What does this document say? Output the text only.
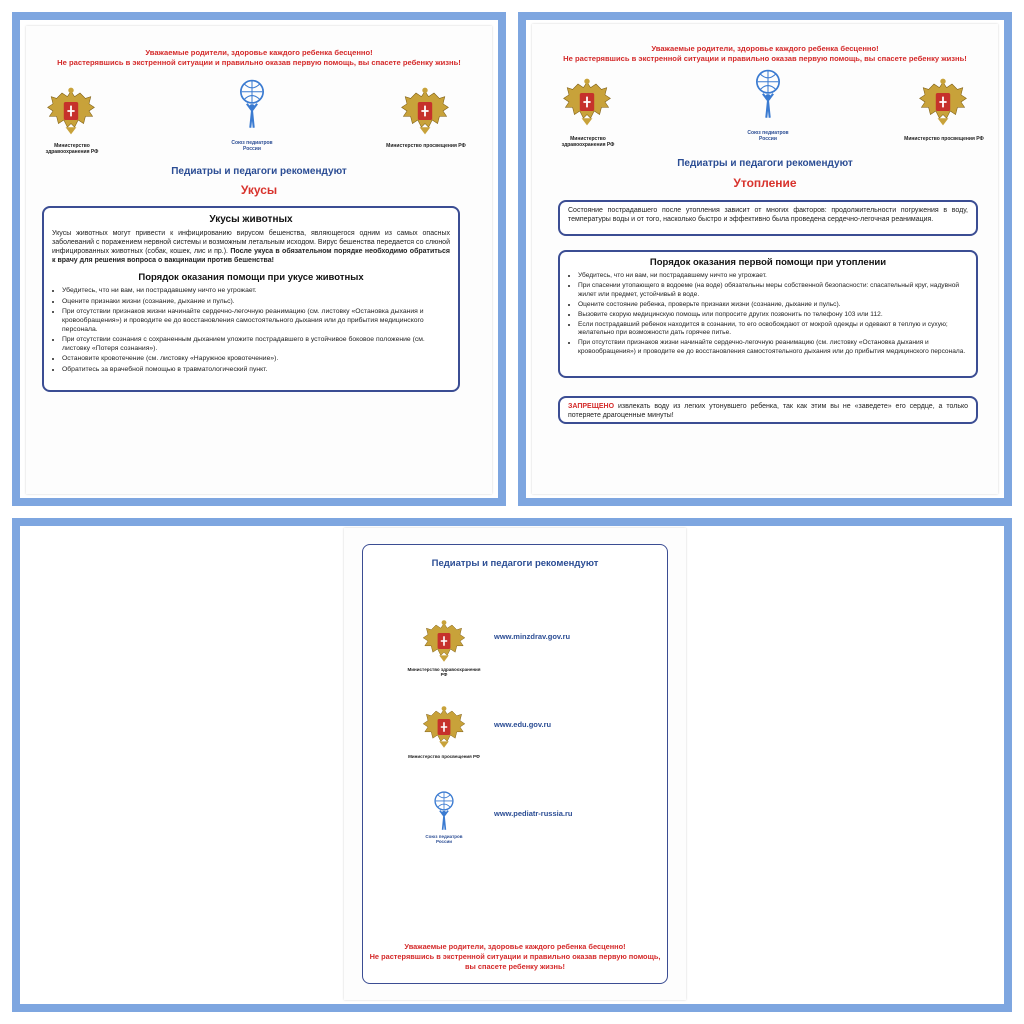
Уважаемые родители, здоровье каждого ребенка бесценно!
Не растерявшись в экстренной ситуации и правильно оказав первую помощь, вы спасете ребенку жизнь!
Министерство здравоохранения РФ
Союз педиатров России	Министерство просвещения РФ
Педиатры и педагоги рекомендуют
Укусы
Укусы животных
Укусы животных могут привести к инфицированию вирусом бешенства, являющегося одним из самых опасных заболеваний с поражением нервной системы и возможным летальным исходом. Вирус бешенства передается со слюной инфицированных животных (собак, кошек, лис и пр.). После укуса в обязательном порядке необходимо обратиться к врачу для решения вопроса о вакцинации против бешенства!
Порядок оказания помощи при укусе животных
• Убедитесь, что ни вам, ни пострадавшему ничто не угрожает.
• Оцените признаки жизни (сознание, дыхание и пульс).
• При отсутствии признаков жизни начинайте сердечно-легочную реанимацию (см. листовку «Остановка дыхания и кровообращения») и проводите ее до восстановления самостоятельного дыхания или до прибытия медицинского персонала.
• При отсутствии сознания с сохраненным дыханием уложите пострадавшего в устойчивое боковое положение (см. листовку «Потеря сознания»).
• Остановите кровотечение (см. листовку «Наружное кровотечение»).
• Обратитесь за врачебной помощью в травматологический пункт.
Уважаемые родители, здоровье каждого ребенка бесценно!
Не растерявшись в экстренной ситуации и правильно оказав первую помощь, вы спасете ребенку жизнь!
Министерство здравоохранения РФ
Союз педиатров России	Министерство просвещения РФ
Педиатры и педагоги рекомендуют
Утопление
Состояние пострадавшего после утопления зависит от многих факторов: продолжительности погружения в воду, температуры воды и от того, насколько быстро и эффективно была проведена сердечно-легочная реанимация.
Порядок оказания первой помощи при утоплении
• Убедитесь, что ни вам, ни пострадавшему ничто не угрожает.
• При спасении утопающего в водоеме (на воде) обязательны меры собственной безопасности: спасательный круг, надувной жилет или предмет, устойчивый в воде.
• Оцените состояние ребенка, проверьте признаки жизни (сознание, дыхание и пульс).
• Вызовите скорую медицинскую помощь или попросите других позвонить по телефону 103 или 112.
• Если пострадавший ребенок находится в сознании, то его освобождают от мокрой одежды и одевают в теплую и сухую; желательно при возможности дать горячее питье.
• При отсутствии признаков жизни начинайте сердечно-легочную реанимацию (см. листовку «Остановка дыхания и кровообращения») и проводите ее до восстановления самостоятельного дыхания или до прибытия медицинского персонала.
ЗАПРЕЩЕНО извлекать воду из легких утонувшего ребенка, так как этим вы не «заведете» его сердце, а только потеряете драгоценные минуты!
Педиатры и педагоги рекомендуют
Министерство здравоохранения РФ
www.minzdrav.gov.ru
Министерство просвещения РФ
www.edu.gov.ru
Союз педиатров России
www.pediatr-russia.ru
Уважаемые родители, здоровье каждого ребенка бесценно!
Не растерявшись в экстренной ситуации и правильно оказав первую помощь,
вы спасете ребенку жизнь!
